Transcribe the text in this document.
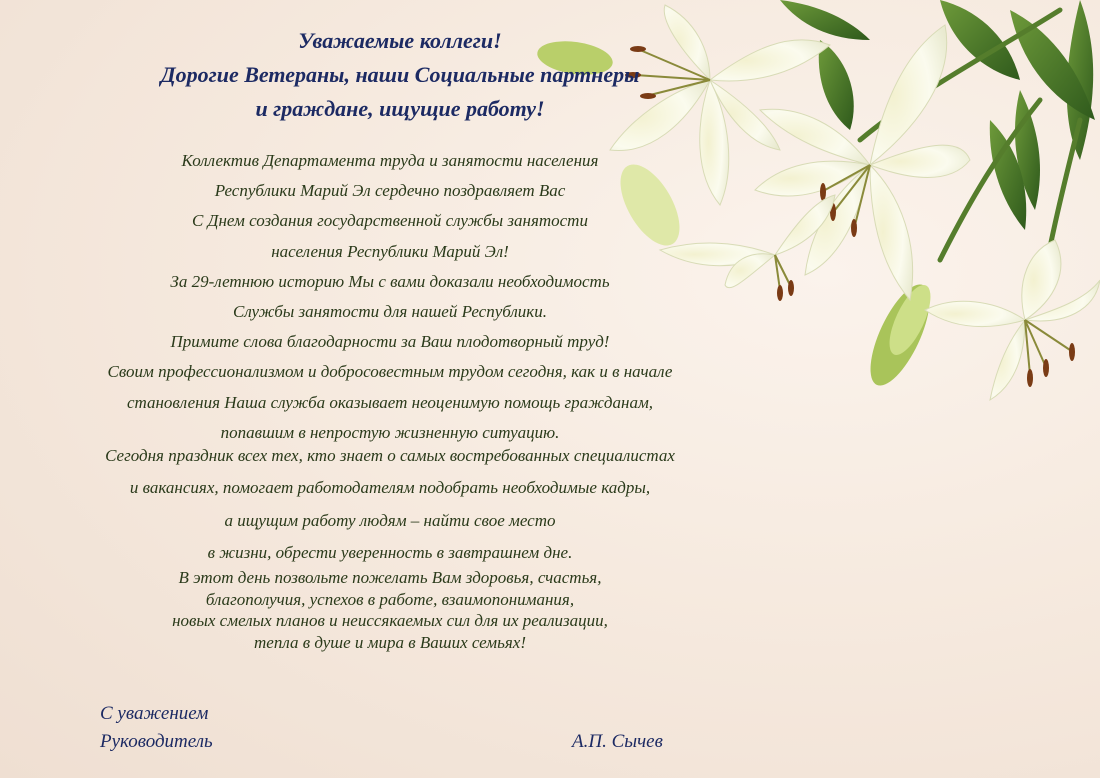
Уважаемые коллеги!
Дорогие Ветераны, наши Социальные партнеры
и граждане, ищущие работу!
Коллектив Департамента труда и занятости населения
Республики Марий Эл сердечно поздравляет Вас
С Днем создания государственной службы занятости
населения Республики Марий Эл!
За 29-летнюю историю Мы с вами доказали необходимость
Службы занятости для нашей Республики.
Примите слова благодарности за Ваш плодотворный труд!
Своим профессионализмом и добросовестным трудом сегодня, как и в начале
становления Наша служба оказывает неоценимую помощь гражданам,
попавшим в непростую жизненную ситуацию.
Сегодня праздник всех тех, кто знает о самых востребованных специалистах
и вакансиях, помогает работодателям подобрать необходимые кадры,
а ищущим работу людям – найти свое место
в жизни, обрести уверенность в завтрашнем дне.
В этот день позвольте пожелать Вам здоровья, счастья,
благополучия, успехов в работе, взаимопонимания,
новых смелых планов и неиссякаемых сил для их реализации,
тепла в душе и мира в Ваших семьях!
С уважением
Руководитель	А.П. Сычев
